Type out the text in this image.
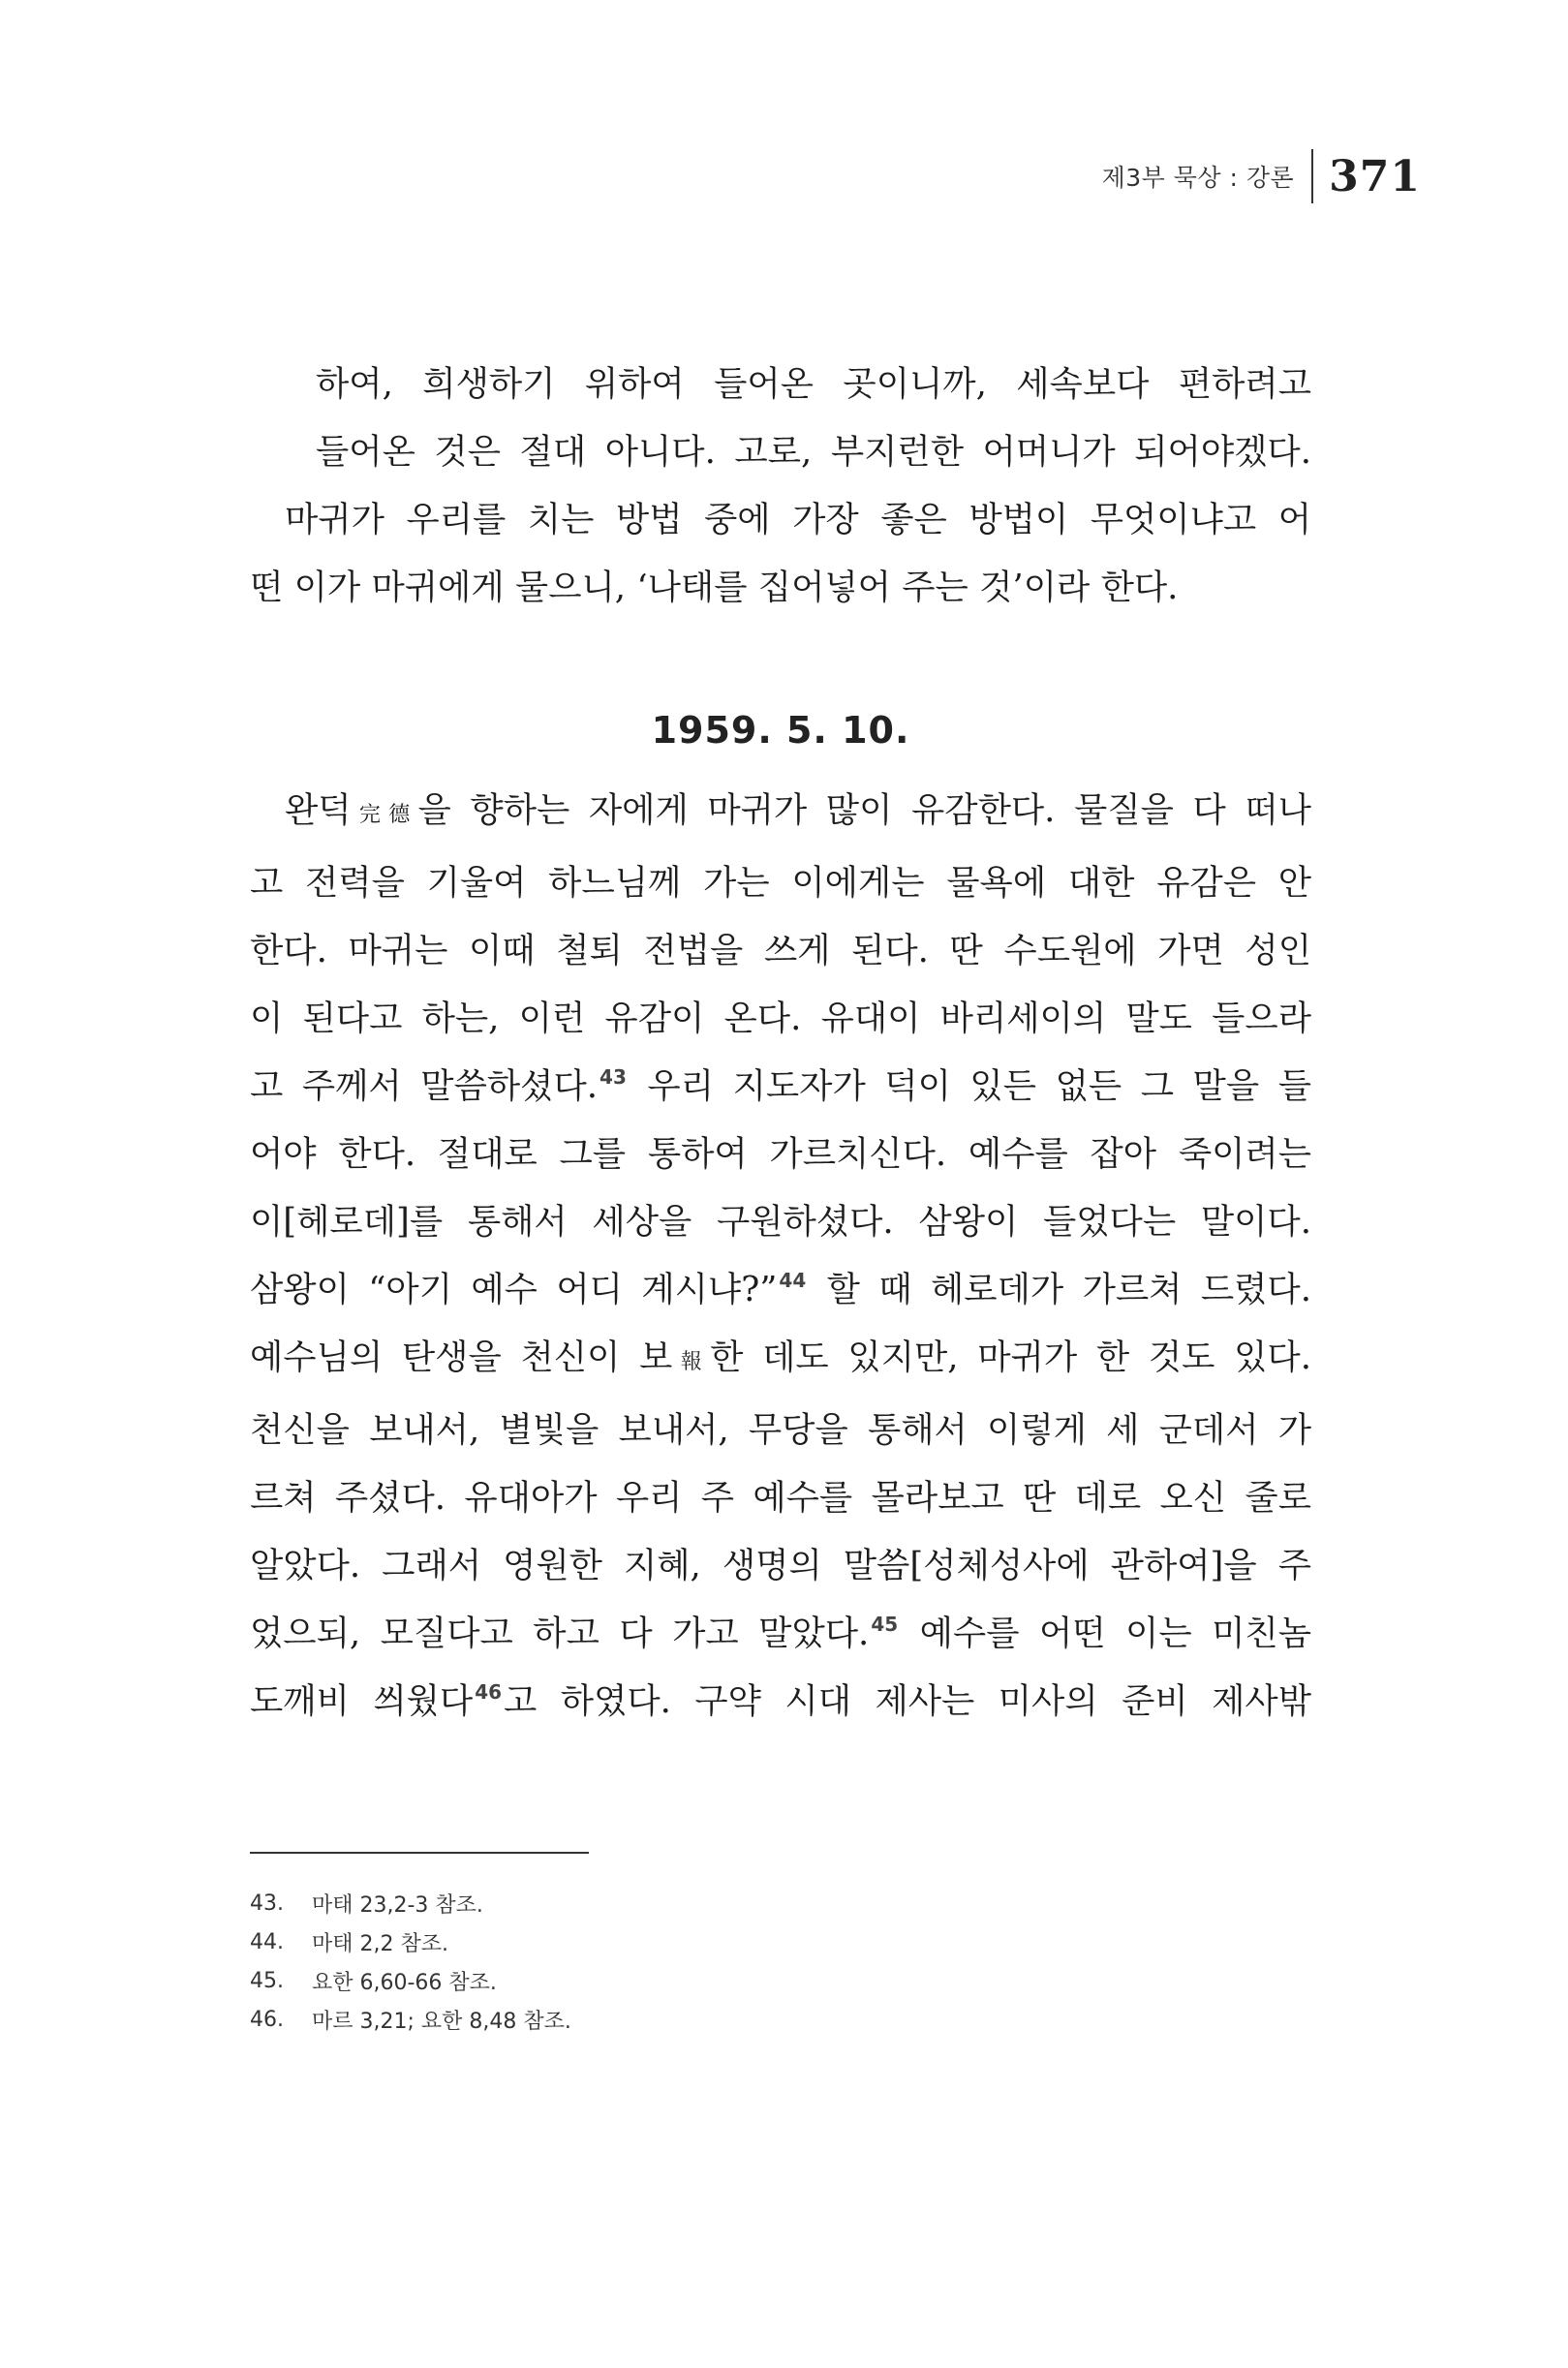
제3부 묵상 : 강론 371
하여, 희생하기 위하여 들어온 곳이니까, 세속보다 편하려고
들어온 것은 절대 아니다. 고로, 부지런한 어머니가 되어야겠다.
마귀가 우리를 치는 방법 중에 가장 좋은 방법이 무엇이냐고 어
떤 이가 마귀에게 물으니, ‘나태를 집어넣어 주는 것’이라 한다.
1959. 5. 10.
완덕完德을 향하는 자에게 마귀가 많이 유감한다. 물질을 다 떠나
고 전력을 기울여 하느님께 가는 이에게는 물욕에 대한 유감은 안
한다. 마귀는 이때 철퇴 전법을 쓰게 된다. 딴 수도원에 가면 성인
이 된다고 하는, 이런 유감이 온다. 유대이 바리세이의 말도 들으라
고 주께서 말씀하셨다. $^{43}$ 우리 지도자가 덕이 있든 없든 그 말을 들
어야 한다. 절대로 그를 통하여 가르치신다. 예수를 잡아 죽이려는
이[헤로데]를 통해서 세상을 구원하셨다. 삼왕이 들었다는 말이다.
삼왕이 “아기 예수 어디 계시냐?” $^{44}$ 할 때 헤로데가 가르쳐 드렸다.
예수님의 탄생을 천신이 보報한 데도 있지만, 마귀가 한 것도 있다.
천신을 보내서, 별빛을 보내서, 무당을 통해서 이렇게 세 군데서 가
르쳐 주셨다. 유대아가 우리 주 예수를 몰라보고 딴 데로 오신 줄로
알았다. 그래서 영원한 지혜, 생명의 말씀[성체성사에 관하여]을 주
었으되, 모질다고 하고 다 가고 말았다. $^{45}$ 예수를 어떤 이는 미친놈
도깨비 씌웠다 $^{46}$고 하였다. 구약 시대 제사는 미사의 준비 제사밖
43.	마태 23,2-3 참조.
44.	마태 2,2 참조.
45.	요한 6,60-66 참조.
46.	마르 3,21; 요한 8,48 참조.
